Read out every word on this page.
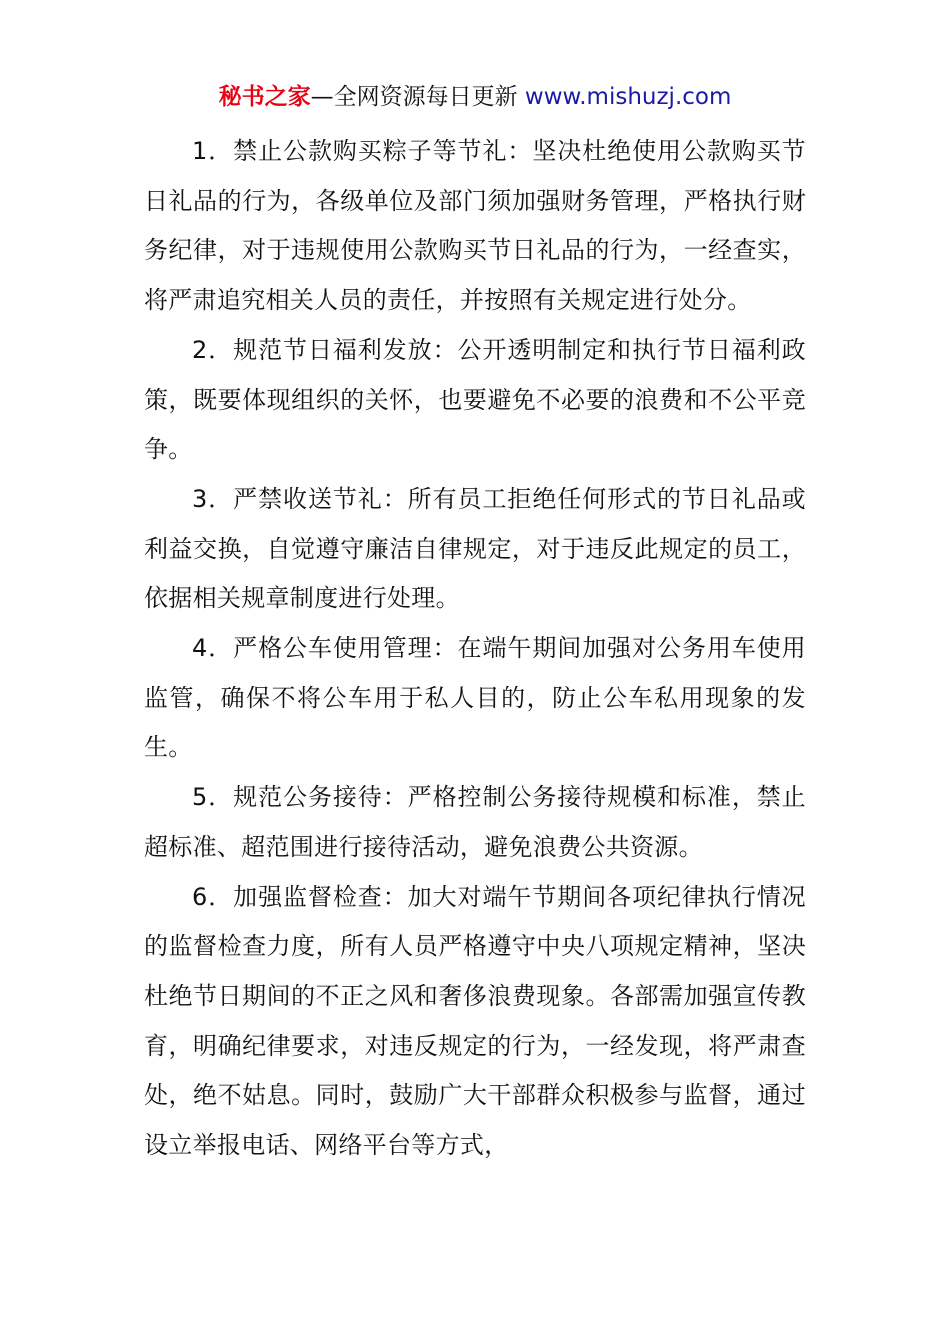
秘书之家—全网资源每日更新 www.mishuzj.com

1．禁止公款购买粽子等节礼：坚决杜绝使用公款购买节日礼品的行为，各级单位及部门须加强财务管理，严格执行财务纪律，对于违规使用公款购买节日礼品的行为，一经查实，将严肃追究相关人员的责任，并按照有关规定进行处分。

2．规范节日福利发放：公开透明制定和执行节日福利政策，既要体现组织的关怀，也要避免不必要的浪费和不公平竞争。

3．严禁收送节礼：所有员工拒绝任何形式的节日礼品或利益交换，自觉遵守廉洁自律规定，对于违反此规定的员工，依据相关规章制度进行处理。

4．严格公车使用管理：在端午期间加强对公务用车使用监管，确保不将公车用于私人目的，防止公车私用现象的发生。

5．规范公务接待：严格控制公务接待规模和标准，禁止超标准、超范围进行接待活动，避免浪费公共资源。

6．加强监督检查：加大对端午节期间各项纪律执行情况的监督检查力度，所有人员严格遵守中央八项规定精神，坚决杜绝节日期间的不正之风和奢侈浪费现象。各部需加强宣传教育，明确纪律要求，对违反规定的行为，一经发现，将严肃查处，绝不姑息。同时，鼓励广大干部群众积极参与监督，通过设立举报电话、网络平台等方式，
